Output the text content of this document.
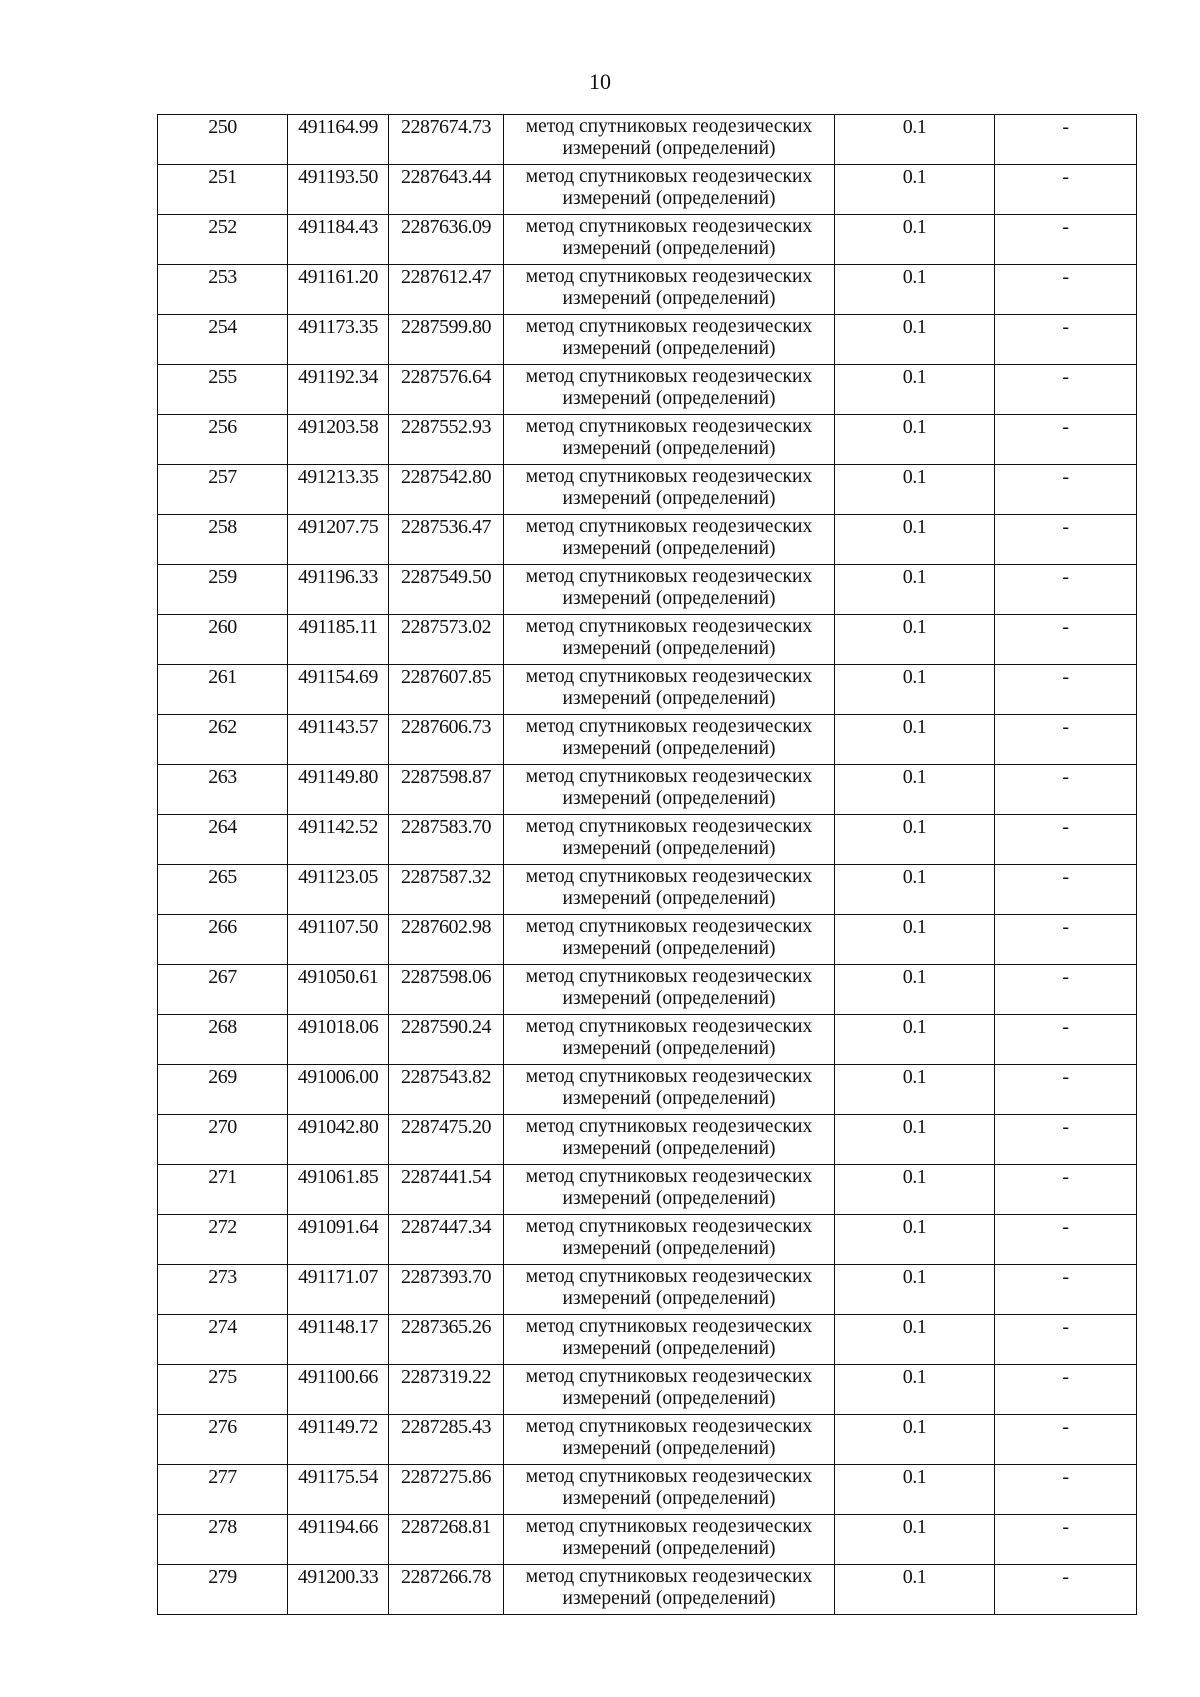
10
250	491164.99	2287674.73	метод спутниковых геодезических измерений (определений)	0.1	-
251	491193.50	2287643.44	метод спутниковых геодезических измерений (определений)	0.1	-
252	491184.43	2287636.09	метод спутниковых геодезических измерений (определений)	0.1	-
253	491161.20	2287612.47	метод спутниковых геодезических измерений (определений)	0.1	-
254	491173.35	2287599.80	метод спутниковых геодезических измерений (определений)	0.1	-
255	491192.34	2287576.64	метод спутниковых геодезических измерений (определений)	0.1	-
256	491203.58	2287552.93	метод спутниковых геодезических измерений (определений)	0.1	-
257	491213.35	2287542.80	метод спутниковых геодезических измерений (определений)	0.1	-
258	491207.75	2287536.47	метод спутниковых геодезических измерений (определений)	0.1	-
259	491196.33	2287549.50	метод спутниковых геодезических измерений (определений)	0.1	-
260	491185.11	2287573.02	метод спутниковых геодезических измерений (определений)	0.1	-
261	491154.69	2287607.85	метод спутниковых геодезических измерений (определений)	0.1	-
262	491143.57	2287606.73	метод спутниковых геодезических измерений (определений)	0.1	-
263	491149.80	2287598.87	метод спутниковых геодезических измерений (определений)	0.1	-
264	491142.52	2287583.70	метод спутниковых геодезических измерений (определений)	0.1	-
265	491123.05	2287587.32	метод спутниковых геодезических измерений (определений)	0.1	-
266	491107.50	2287602.98	метод спутниковых геодезических измерений (определений)	0.1	-
267	491050.61	2287598.06	метод спутниковых геодезических измерений (определений)	0.1	-
268	491018.06	2287590.24	метод спутниковых геодезических измерений (определений)	0.1	-
269	491006.00	2287543.82	метод спутниковых геодезических измерений (определений)	0.1	-
270	491042.80	2287475.20	метод спутниковых геодезических измерений (определений)	0.1	-
271	491061.85	2287441.54	метод спутниковых геодезических измерений (определений)	0.1	-
272	491091.64	2287447.34	метод спутниковых геодезических измерений (определений)	0.1	-
273	491171.07	2287393.70	метод спутниковых геодезических измерений (определений)	0.1	-
274	491148.17	2287365.26	метод спутниковых геодезических измерений (определений)	0.1	-
275	491100.66	2287319.22	метод спутниковых геодезических измерений (определений)	0.1	-
276	491149.72	2287285.43	метод спутниковых геодезических измерений (определений)	0.1	-
277	491175.54	2287275.86	метод спутниковых геодезических измерений (определений)	0.1	-
278	491194.66	2287268.81	метод спутниковых геодезических измерений (определений)	0.1	-
279	491200.33	2287266.78	метод спутниковых геодезических измерений (определений)	0.1	-
